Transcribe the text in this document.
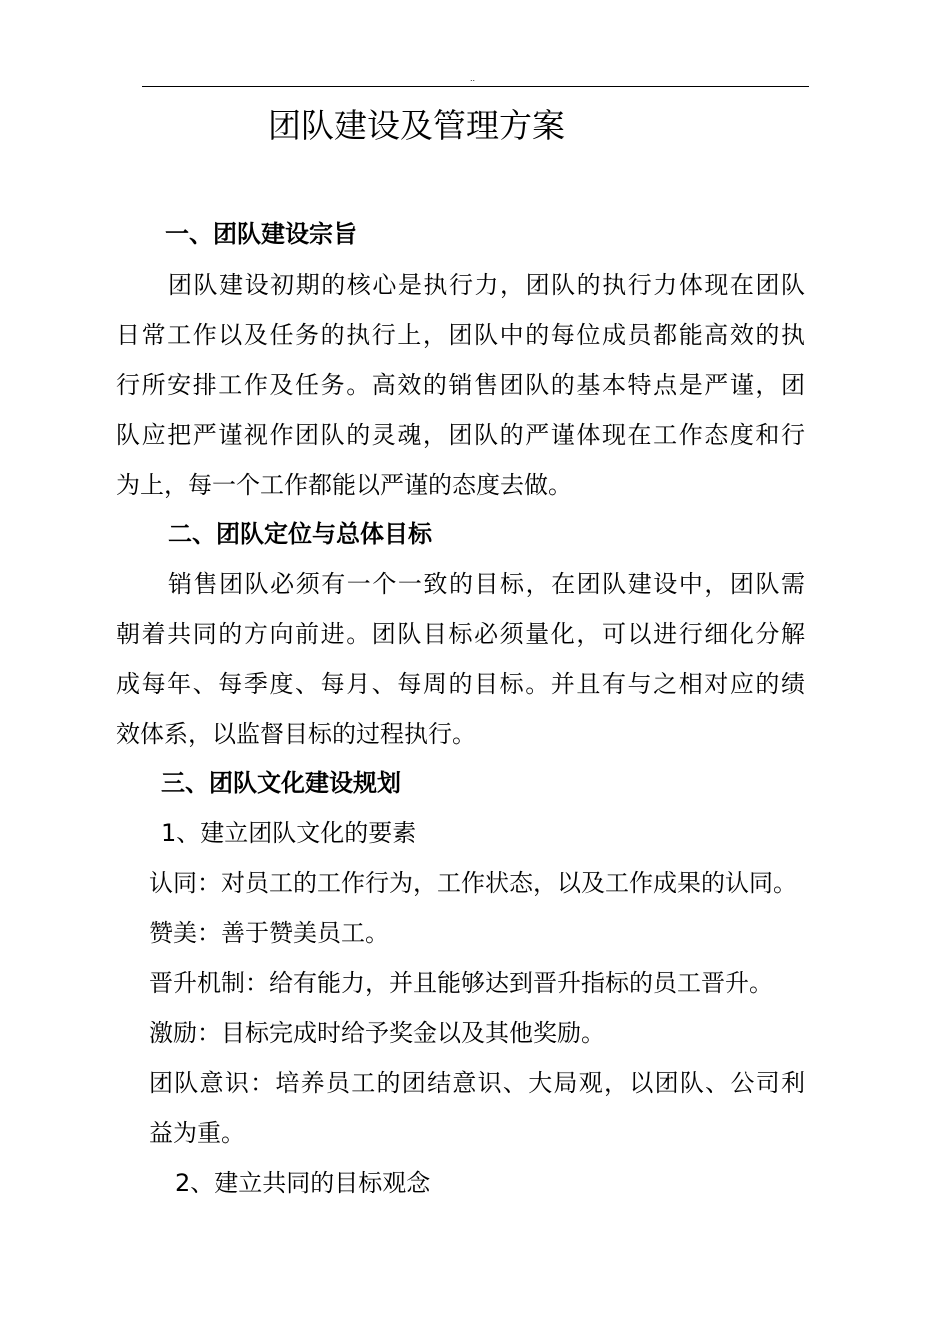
..
团队建设及管理方案
一、团队建设宗旨
团队建设初期的核心是执行力，团队的执行力体现在团队
日常工作以及任务的执行上，团队中的每位成员都能高效的执
行所安排工作及任务。高效的销售团队的基本特点是严谨，团
队应把严谨视作团队的灵魂，团队的严谨体现在工作态度和行
为上，每一个工作都能以严谨的态度去做。
二、团队定位与总体目标
销售团队必须有一个一致的目标，在团队建设中，团队需
朝着共同的方向前进。团队目标必须量化，可以进行细化分解
成每年、每季度、每月、每周的目标。并且有与之相对应的绩
效体系，以监督目标的过程执行。
三、团队文化建设规划
1、建立团队文化的要素
认同：对员工的工作行为，工作状态，以及工作成果的认同。
赞美：善于赞美员工。
晋升机制：给有能力，并且能够达到晋升指标的员工晋升。
激励：目标完成时给予奖金以及其他奖励。
团队意识：培养员工的团结意识、大局观，以团队、公司利
益为重。
2、建立共同的目标观念
